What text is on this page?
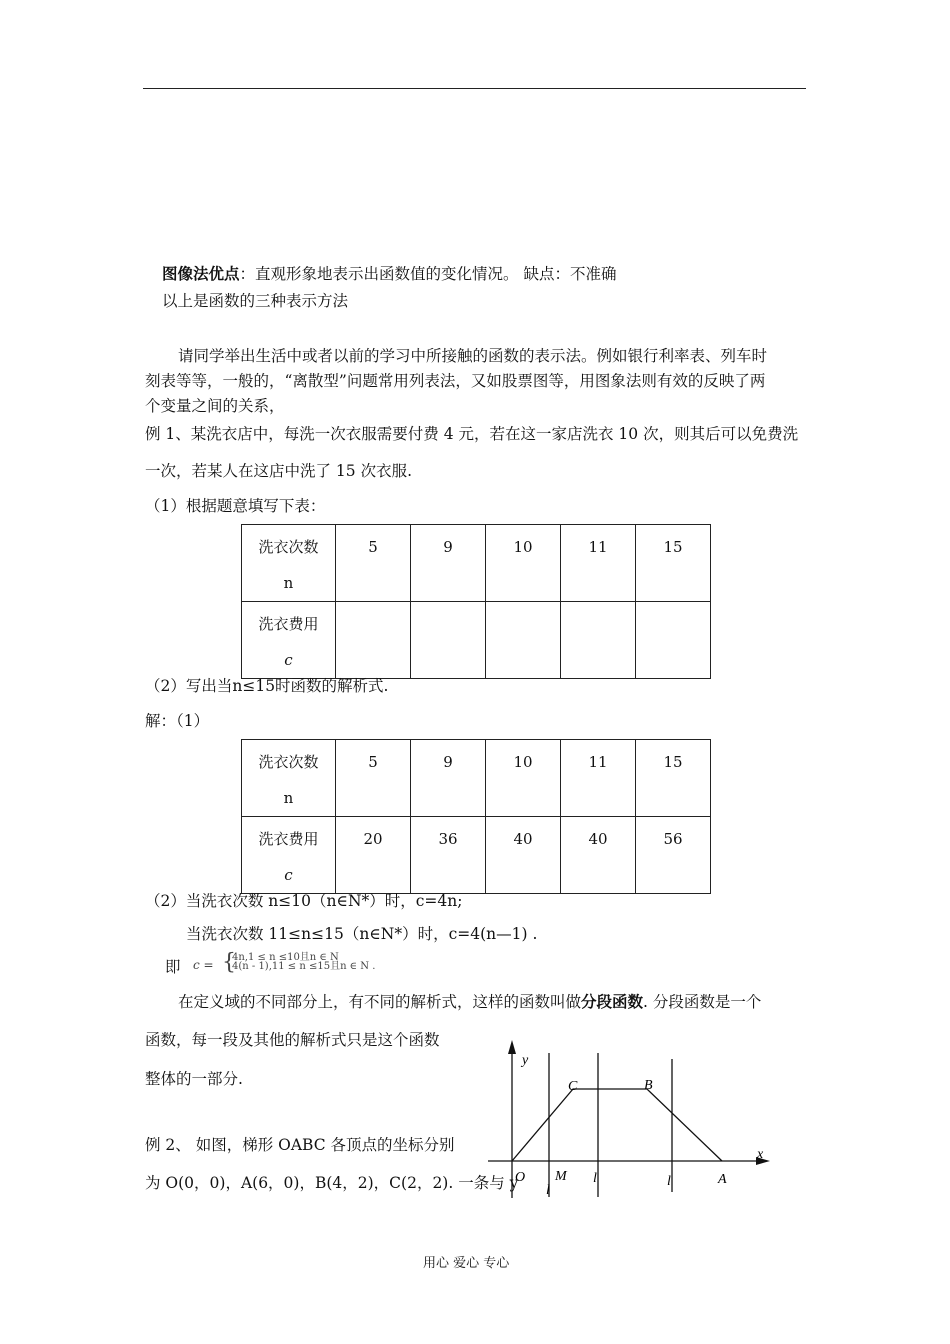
图像法优点：直观形象地表示出函数值的变化情况。 缺点：不准确
以上是函数的三种表示方法
请同学举出生活中或者以前的学习中所接触的函数的表示法。例如银行利率表、列车时
刻表等等，一般的，“离散型”问题常用列表法，又如股票图等，用图象法则有效的反映了两
个变量之间的关系，
例 1、某洗衣店中，每洗一次衣服需要付费 4 元，若在这一家店洗衣 10 次，则其后可以免费洗
一次，若某人在这店中洗了 15 次衣服.
（1）根据题意填写下表：
洗衣次数
n	5	9	10	11	15
洗衣费用
c					
（2）写出当n≤15时函数的解析式.
解：（1）
洗衣次数
n	5	9	10	11	15
洗衣费用
c	20	36	40	40	56
（2）当洗衣次数 n≤10（n∈N*）时，c=4n;
当洗衣次数 11≤n≤15（n∈N*）时，c=4(n—1) .
即 c = {
4n,1 ≤ n ≤10且n ∈ N
4(n - 1),11 ≤ n ≤15且n ∈ N .
在定义域的不同部分上，有不同的解析式，这样的函数叫做分段函数. 分段函数是一个
函数，每一段及其他的解析式只是这个函数
整体的一部分.
例 2、 如图，梯形 OABC 各顶点的坐标分别
为 O(0，0)，A(6，0)，B(4，2)，C(2，2). 一条与 y
y
x
O M
C	B
A
l
l	l
用心 爱心 专心
